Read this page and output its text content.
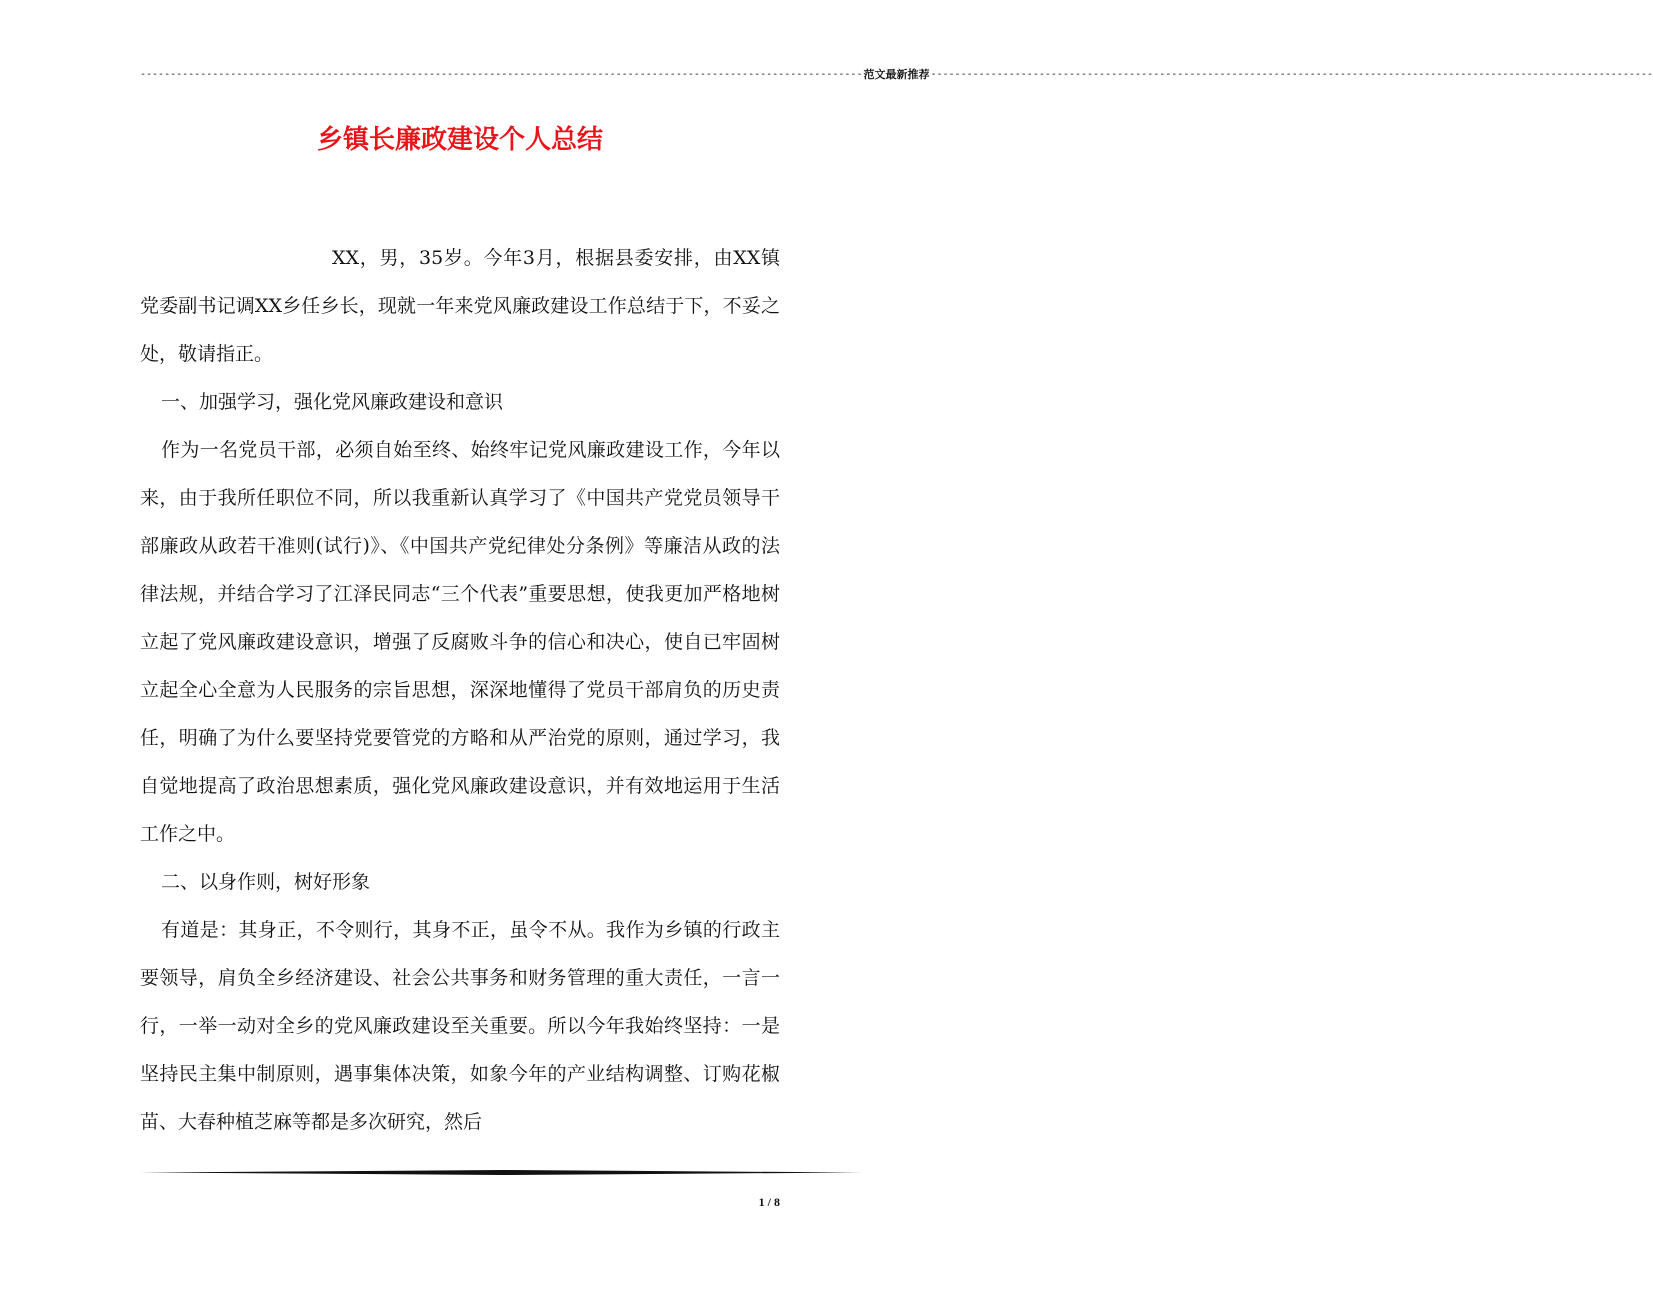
------------------------------------------------------------------------------------------------------------------------ 范文最新推荐 ------------------------------------------------------------------------------------------------------------------------
乡镇长廉政建设个人总结

XX，男，35岁。今年3月，根据县委安排，由XX镇党委副书记调XX乡任乡长，现就一年来党风廉政建设工作总结于下，不妥之处，敬请指正。

一、加强学习，强化党风廉政建设和意识

作为一名党员干部，必须自始至终、始终牢记党风廉政建设工作，今年以来，由于我所任职位不同，所以我重新认真学习了《中国共产党党员领导干部廉政从政若干准则(试行)》、《中国共产党纪律处分条例》等廉洁从政的法律法规，并结合学习了江泽民同志“三个代表”重要思想，使我更加严格地树立起了党风廉政建设意识，增强了反腐败斗争的信心和决心，使自已牢固树立起全心全意为人民服务的宗旨思想，深深地懂得了党员干部肩负的历史责任，明确了为什么要坚持党要管党的方略和从严治党的原则，通过学习，我自觉地提高了政治思想素质，强化党风廉政建设意识，并有效地运用于生活工作之中。

二、以身作则，树好形象

有道是：其身正，不令则行，其身不正，虽令不从。我作为乡镇的行政主要领导，肩负全乡经济建设、社会公共事务和财务管理的重大责任，一言一行，一举一动对全乡的党风廉政建设至关重要。所以今年我始终坚持：一是坚持民主集中制原则，遇事集体决策，如象今年的产业结构调整、订购花椒苗、大春种植芝麻等都是多次研究，然后

1 / 8
